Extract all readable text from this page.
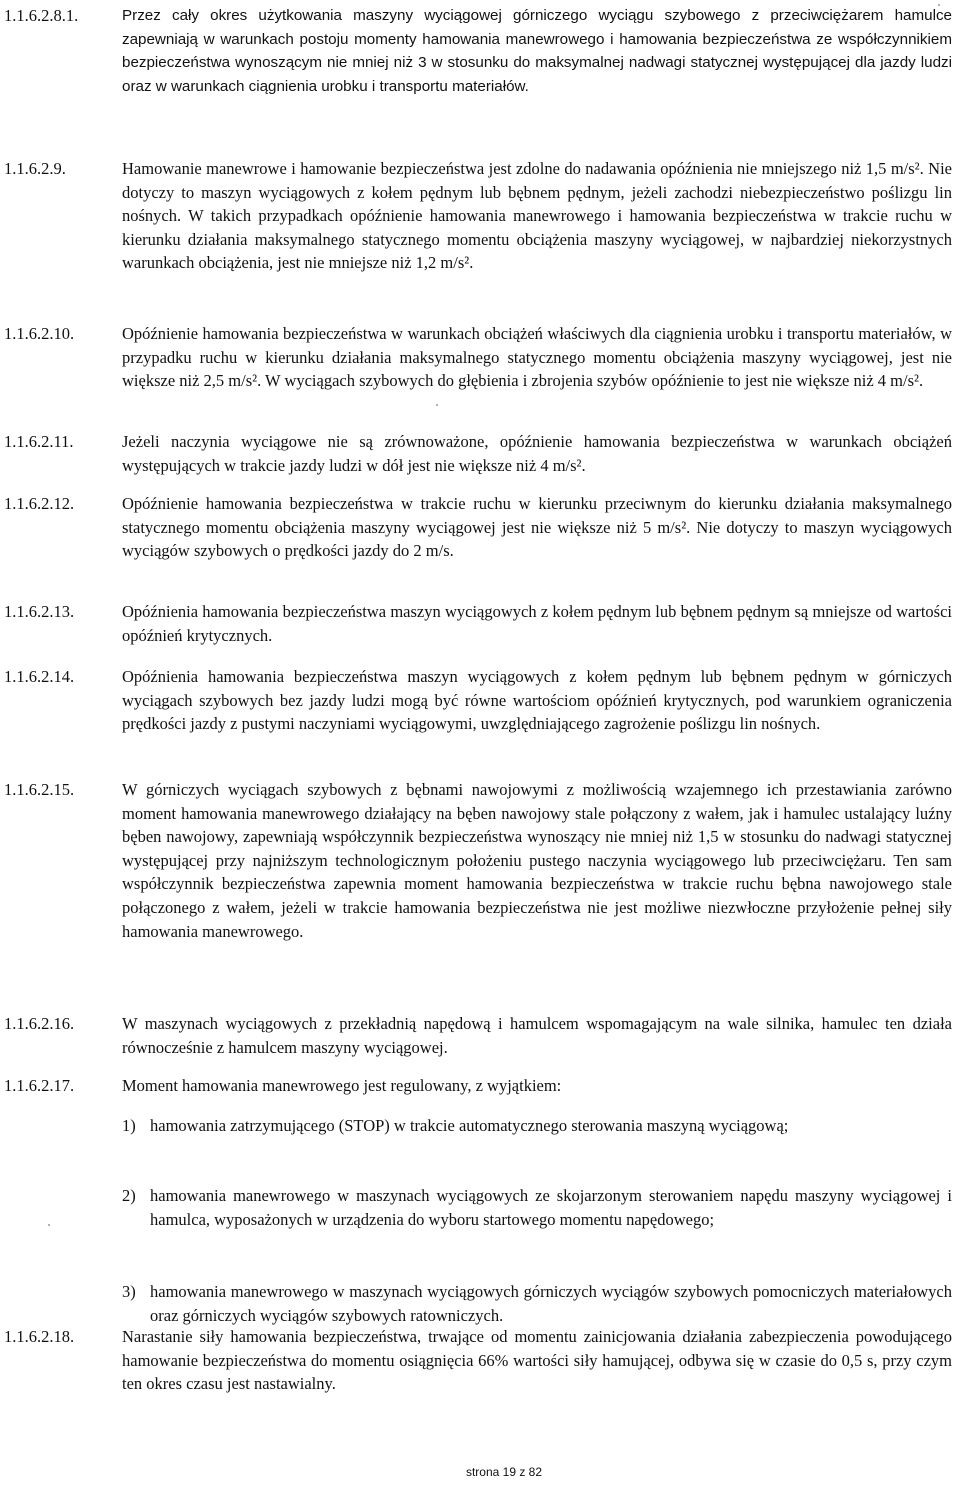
1.1.6.2.8.1.	Przez cały okres użytkowania maszyny wyciągowej górniczego wyciągu szybowego z przeciwciężarem hamulce zapewniają w warunkach postoju momenty hamowania manewrowego i hamowania bezpieczeństwa ze współczynnikiem bezpieczeństwa wynoszącym nie mniej niż 3 w stosunku do maksymalnej nadwagi statycznej występującej dla jazdy ludzi oraz w warunkach ciągnienia urobku i transportu materiałów.

1.1.6.2.9.	Hamowanie manewrowe i hamowanie bezpieczeństwa jest zdolne do nadawania opóźnienia nie mniejszego niż 1,5 m/s². Nie dotyczy to maszyn wyciągowych z kołem pędnym lub bębnem pędnym, jeżeli zachodzi niebezpieczeństwo poślizgu lin nośnych. W takich przypadkach opóźnienie hamowania manewrowego i hamowania bezpieczeństwa w trakcie ruchu w kierunku działania maksymalnego statycznego momentu obciążenia maszyny wyciągowej, w najbardziej niekorzystnych warunkach obciążenia, jest nie mniejsze niż 1,2 m/s².

1.1.6.2.10.	Opóźnienie hamowania bezpieczeństwa w warunkach obciążeń właściwych dla ciągnienia urobku i transportu materiałów, w przypadku ruchu w kierunku działania maksymalnego statycznego momentu obciążenia maszyny wyciągowej, jest nie większe niż 2,5 m/s². W wyciągach szybowych do głębienia i zbrojenia szybów opóźnienie to jest nie większe niż 4 m/s².

1.1.6.2.11.	Jeżeli naczynia wyciągowe nie są zrównoważone, opóźnienie hamowania bezpieczeństwa w warunkach obciążeń występujących w trakcie jazdy ludzi w dół jest nie większe niż 4 m/s².

1.1.6.2.12.	Opóźnienie hamowania bezpieczeństwa w trakcie ruchu w kierunku przeciwnym do kierunku działania maksymalnego statycznego momentu obciążenia maszyny wyciągowej jest nie większe niż 5 m/s². Nie dotyczy to maszyn wyciągowych wyciągów szybowych o prędkości jazdy do 2 m/s.

1.1.6.2.13.	Opóźnienia hamowania bezpieczeństwa maszyn wyciągowych z kołem pędnym lub bębnem pędnym są mniejsze od wartości opóźnień krytycznych.

1.1.6.2.14.	Opóźnienia hamowania bezpieczeństwa maszyn wyciągowych z kołem pędnym lub bębnem pędnym w górniczych wyciągach szybowych bez jazdy ludzi mogą być równe wartościom opóźnień krytycznych, pod warunkiem ograniczenia prędkości jazdy z pustymi naczyniami wyciągowymi, uwzględniającego zagrożenie poślizgu lin nośnych.

1.1.6.2.15.	W górniczych wyciągach szybowych z bębnami nawojowymi z możliwością wzajemnego ich przestawiania zarówno moment hamowania manewrowego działający na bęben nawojowy stale połączony z wałem, jak i hamulec ustalający luźny bęben nawojowy, zapewniają współczynnik bezpieczeństwa wynoszący nie mniej niż 1,5 w stosunku do nadwagi statycznej występującej przy najniższym technologicznym położeniu pustego naczynia wyciągowego lub przeciwciężaru. Ten sam współczynnik bezpieczeństwa zapewnia moment hamowania bezpieczeństwa w trakcie ruchu bębna nawojowego stale połączonego z wałem, jeżeli w trakcie hamowania bezpieczeństwa nie jest możliwe niezwłoczne przyłożenie pełnej siły hamowania manewrowego.

1.1.6.2.16.	W maszynach wyciągowych z przekładnią napędową i hamulcem wspomagającym na wale silnika, hamulec ten działa równocześnie z hamulcem maszyny wyciągowej.

1.1.6.2.17.	Moment hamowania manewrowego jest regulowany, z wyjątkiem:

1) hamowania zatrzymującego (STOP) w trakcie automatycznego sterowania maszyną wyciągową;
2) hamowania manewrowego w maszynach wyciągowych ze skojarzonym sterowaniem napędu maszyny wyciągowej i hamulca, wyposażonych w urządzenia do wyboru startowego momentu napędowego;
3) hamowania manewrowego w maszynach wyciągowych górniczych wyciągów szybowych pomocniczych materiałowych oraz górniczych wyciągów szybowych ratowniczych.
1.1.6.2.18.	Narastanie siły hamowania bezpieczeństwa, trwające od momentu zainicjowania działania zabezpieczenia powodującego hamowanie bezpieczeństwa do momentu osiągnięcia 66% wartości siły hamującej, odbywa się w czasie do 0,5 s, przy czym ten okres czasu jest nastawialny.

strona 19 z 82
